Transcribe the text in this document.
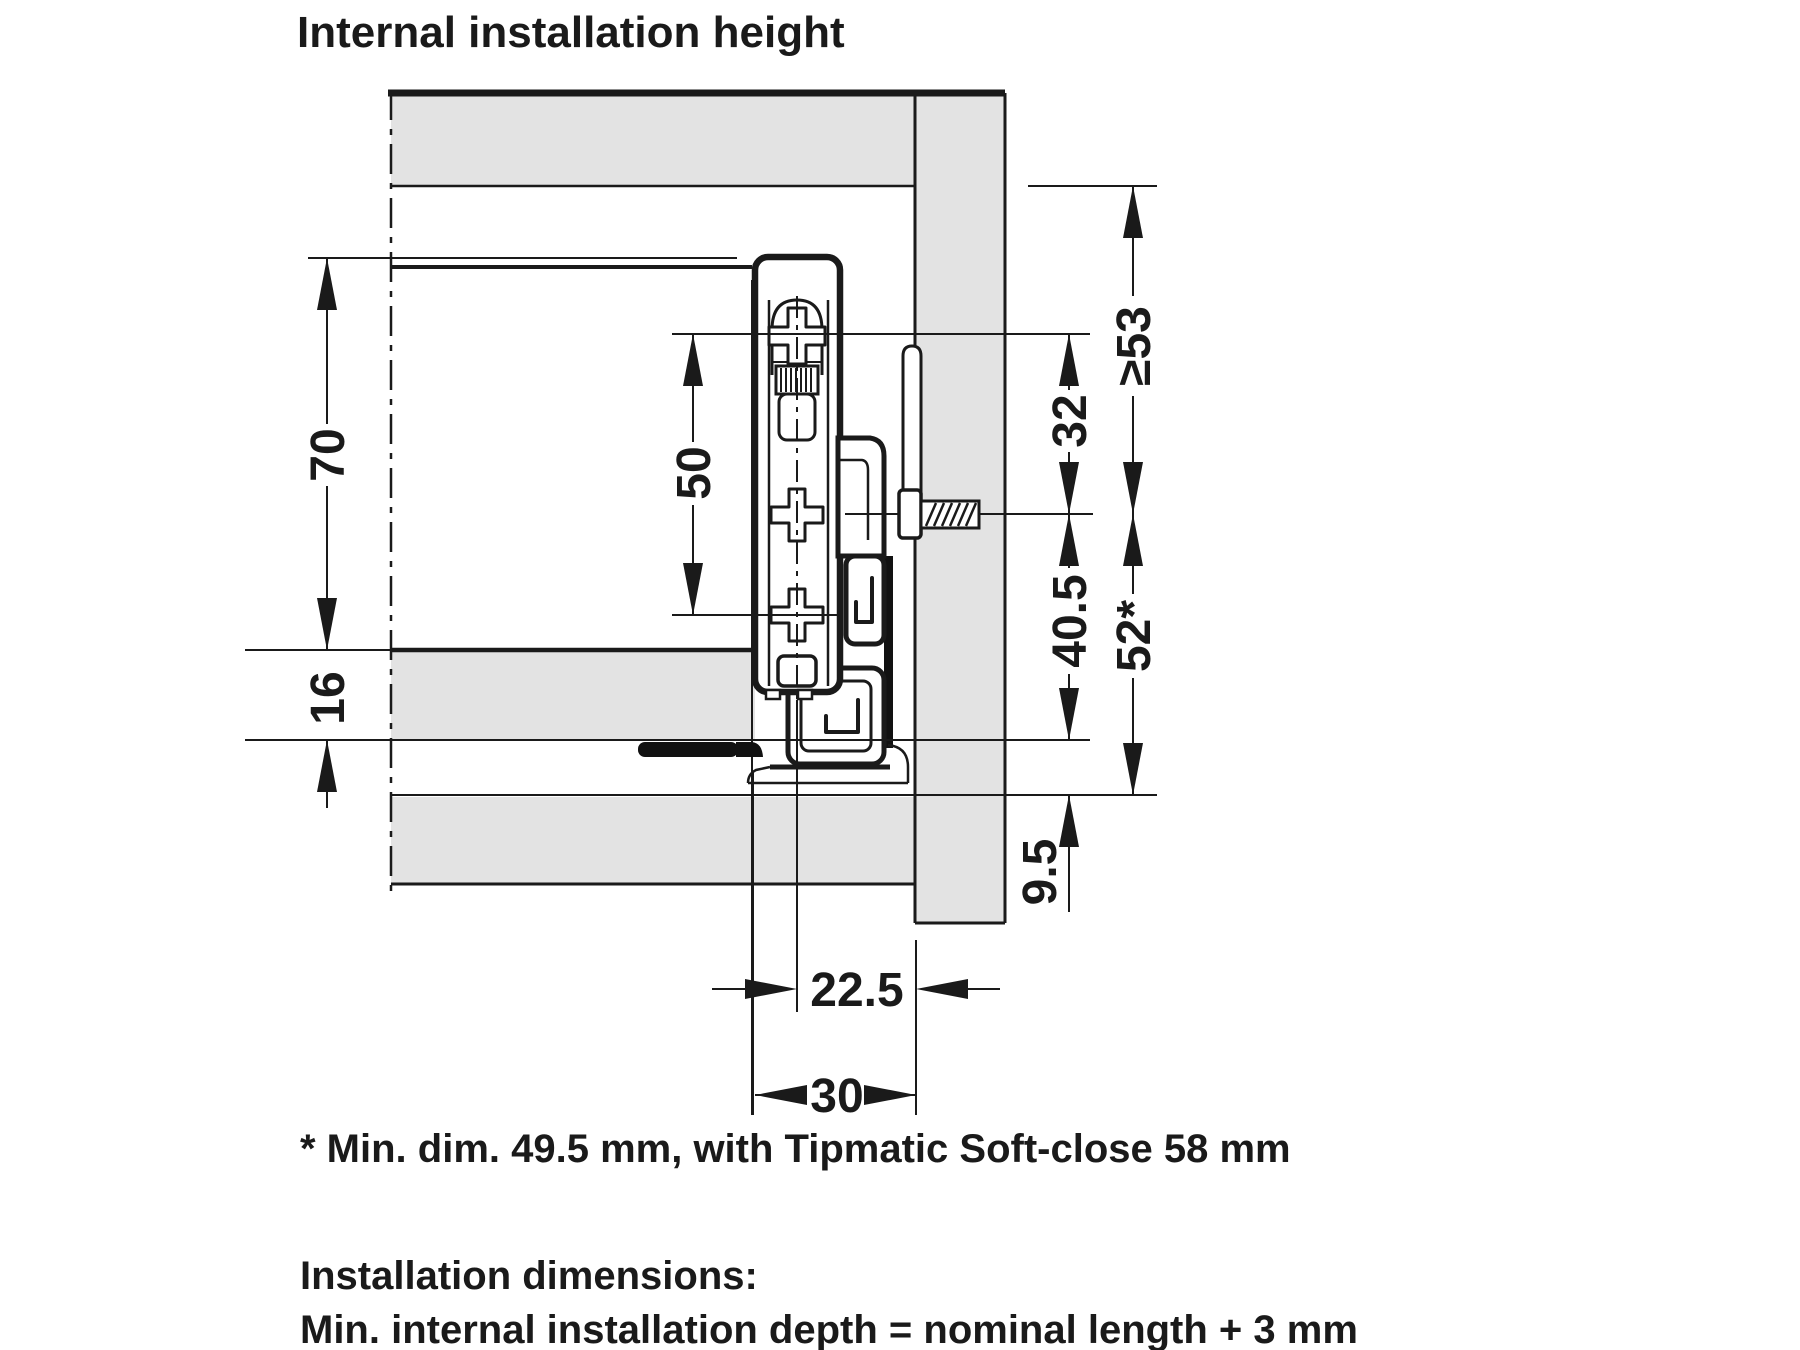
70
16
50
≥53
32
40.5 52*
9.5
22.5
30
Internal installation height
* Min. dim. 49.5 mm, with Tipmatic Soft-close 58 mm
Installation dimensions:
Min. internal installation depth = nominal length + 3 mm
